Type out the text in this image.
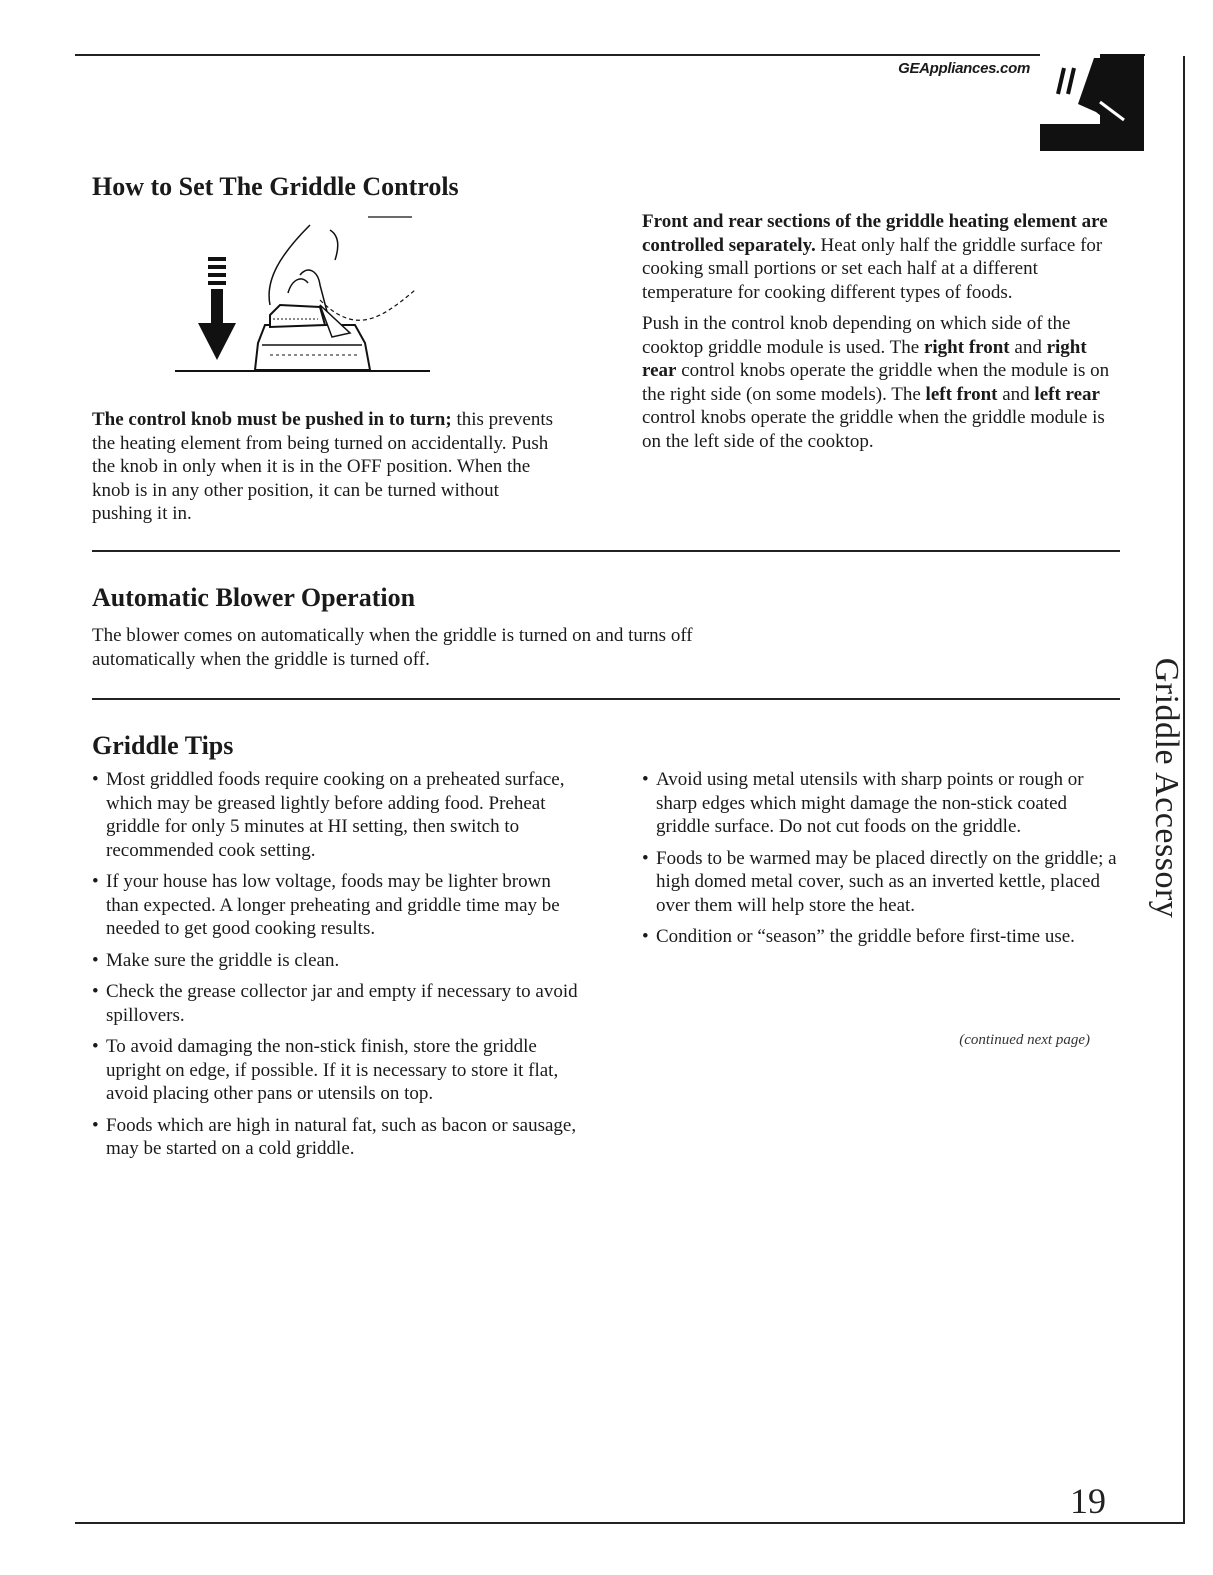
GEAppliances.com
Griddle Accessory
How to Set The Griddle Controls

The control knob must be pushed in to turn; this prevents the heating element from being turned on accidentally. Push the knob in only when it is in the OFF position. When the knob is in any other position, it can be turned without pushing it in.

Front and rear sections of the griddle heating element are controlled separately. Heat only half the griddle surface for cooking small portions or set each half at a different temperature for cooking different types of foods.

Push in the control knob depending on which side of the cooktop griddle module is used. The right front and right rear control knobs operate the griddle when the module is on the right side (on some models). The left front and left rear control knobs operate the griddle when the griddle module is on the left side of the cooktop.

Automatic Blower Operation

The blower comes on automatically when the griddle is turned on and turns off automatically when the griddle is turned off.

Griddle Tips
• Most griddled foods require cooking on a preheated surface, which may be greased lightly before adding food. Preheat griddle for only 5 minutes at HI setting, then switch to recommended cook setting.
• If your house has low voltage, foods may be lighter brown than expected. A longer preheating and griddle time may be needed to get good cooking results.
• Make sure the griddle is clean.
• Check the grease collector jar and empty if necessary to avoid spillovers.
• To avoid damaging the non-stick finish, store the griddle upright on edge, if possible. If it is necessary to store it flat, avoid placing other pans or utensils on top.
• Foods which are high in natural fat, such as bacon or sausage, may be started on a cold griddle.
• Avoid using metal utensils with sharp points or rough or sharp edges which might damage the non-stick coated griddle surface. Do not cut foods on the griddle.
• Foods to be warmed may be placed directly on the griddle; a high domed metal cover, such as an inverted kettle, placed over them will help store the heat.
• Condition or “season” the griddle before first-time use.
(continued next page)
19
